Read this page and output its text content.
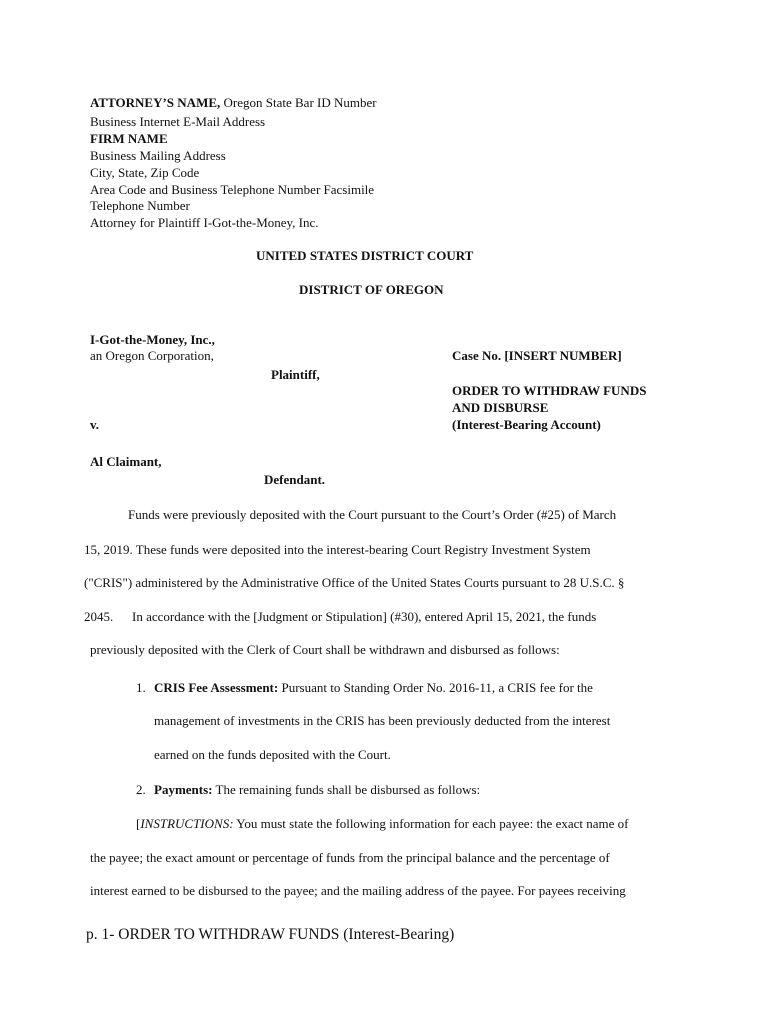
ATTORNEY’S NAME, Oregon State Bar ID Number
Business Internet E-Mail Address
FIRM NAME
Business Mailing Address
City, State, Zip Code
Area Code and Business Telephone Number Facsimile
Telephone Number
Attorney for Plaintiff I-Got-the-Money, Inc.
UNITED STATES DISTRICT COURT
DISTRICT OF OREGON
I-Got-the-Money, Inc.,
an Oregon Corporation,
Plaintiff,
v.
Al Claimant,
Defendant.
Case No. [INSERT NUMBER]
ORDER TO WITHDRAW FUNDS
AND DISBURSE
(Interest-Bearing Account)
Funds were previously deposited with the Court pursuant to the Court’s Order (#25) of March
15, 2019. These funds were deposited into the interest-bearing Court Registry Investment System
("CRIS") administered by the Administrative Office of the United States Courts pursuant to 28 U.S.C. §
2045. In accordance with the [Judgment or Stipulation] (#30), entered April 15, 2021, the funds
previously deposited with the Clerk of Court shall be withdrawn and disbursed as follows:
1. CRIS Fee Assessment: Pursuant to Standing Order No. 2016-11, a CRIS fee for the
management of investments in the CRIS has been previously deducted from the interest
earned on the funds deposited with the Court.
2. Payments: The remaining funds shall be disbursed as follows:
[INSTRUCTIONS: You must state the following information for each payee: the exact name of
the payee; the exact amount or percentage of funds from the principal balance and the percentage of
interest earned to be disbursed to the payee; and the mailing address of the payee. For payees receiving
p. 1- ORDER TO WITHDRAW FUNDS (Interest-Bearing)
